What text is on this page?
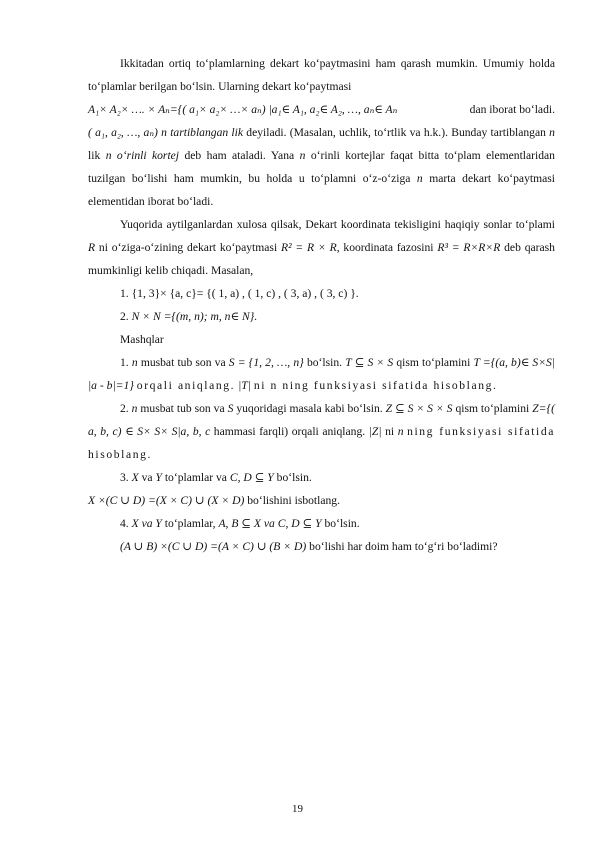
Ikkitadan ortiq to‘plamlarning dekart ko‘paytmasini ham qarash mumkin. Umumiy holda to‘plamlar berilgan bo‘lsin. Ularning dekart ko‘paytmasi
A₁× A₂× …. × Aₙ={( a₁× a₂× …× aₙ) |a₁∈ A₁, a₂∈ A₂, …, aₙ∈ Aₙ	dan iborat bo‘ladi.
( a₁, a₂, …, aₙ) n tartiblangan lik deyiladi. (Masalan, uchlik, to‘rtlik va h.k.). Bunday tartiblangan n lik n o‘rinli kortej deb ham ataladi. Yana n o‘rinli kortejlar faqat bitta to‘plam elementlaridan tuzilgan bo‘lishi ham mumkin, bu holda u to‘plamni o‘z-o‘ziga n marta dekart ko‘paytmasi elementidan iborat bo‘ladi.

Yuqorida aytilganlardan xulosa qilsak, Dekart koordinata tekisligini haqiqiy sonlar to‘plami R ni o‘ziga-o‘zining dekart ko‘paytmasi R² = R × R, koordinata fazosini R³ = R×R×R deb qarash mumkinligi kelib chiqadi. Masalan,

1. {1, 3}× {a, c}= {( 1, a) , ( 1, c) , ( 3, a) , ( 3, c) }.

2. N × N ={(m, n); m, n∈ N}.

Mashqlar

1. n musbat tub son va S = {1, 2, …, n} bo‘lsin. T ⊆ S × S qism to‘plamini T ={(a, b)∈ S×S| |a - b|=1} orqali aniqlang. |T| ni n ning funksiyasi sifatida hisoblang.

2. n musbat tub son va S yuqoridagi masala kabi bo‘lsin. Z ⊆ S × S × S qism to‘plamini Z={( a, b, c) ∈ S× S× S|a, b, c hammasi farqli) orqali aniqlang. |Z| ni n ning funksiyasi sifatida hisoblang.

3. X va Y to‘plamlar va C, D ⊆ Y bo‘lsin.
X ×(C ∪ D) =(X × C) ∪ (X × D) bo‘lishini isbotlang.

4. X va Y to‘plamlar, A, B ⊆ X va C, D ⊆ Y bo‘lsin.
(A ∪ B) ×(C ∪ D) =(A × C) ∪ (B × D) bo‘lishi har doim ham to‘g‘ri bo‘ladimi?

19
